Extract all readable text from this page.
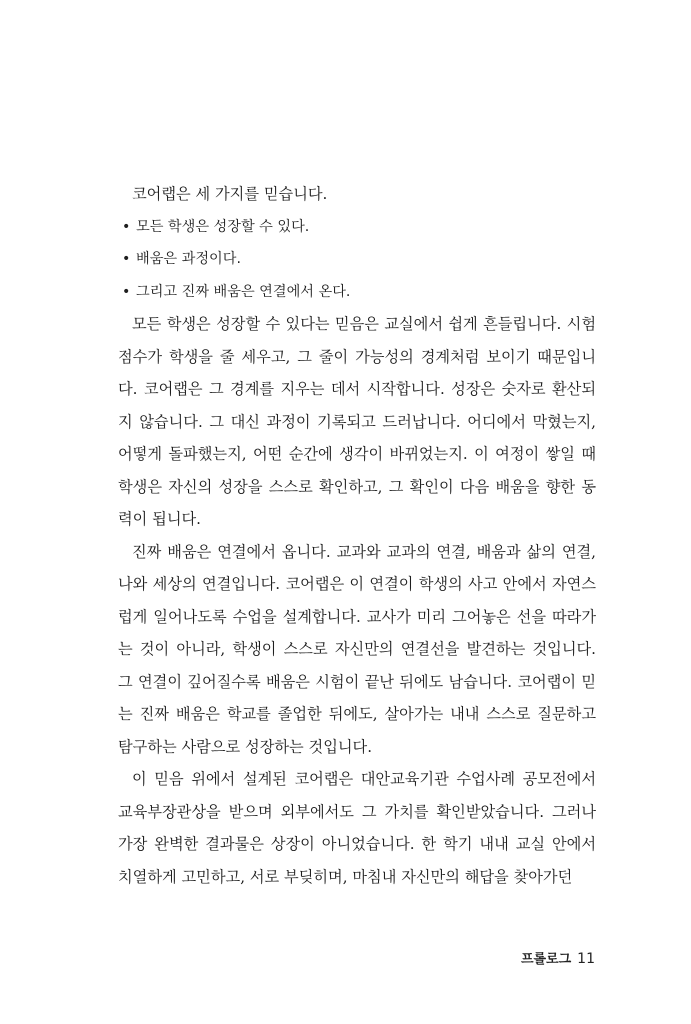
코어랩은 세 가지를 믿습니다.

• 모든 학생은 성장할 수 있다.
• 배움은 과정이다.
• 그리고 진짜 배움은 연결에서 온다.

모든 학생은 성장할 수 있다는 믿음은 교실에서 쉽게 흔들립니다. 시험 점수가 학생을 줄 세우고, 그 줄이 가능성의 경계처럼 보이기 때문입니다. 코어랩은 그 경계를 지우는 데서 시작합니다. 성장은 숫자로 환산되지 않습니다. 그 대신 과정이 기록되고 드러납니다. 어디에서 막혔는지, 어떻게 돌파했는지, 어떤 순간에 생각이 바뀌었는지. 이 여정이 쌓일 때 학생은 자신의 성장을 스스로 확인하고, 그 확인이 다음 배움을 향한 동력이 됩니다.

진짜 배움은 연결에서 옵니다. 교과와 교과의 연결, 배움과 삶의 연결, 나와 세상의 연결입니다. 코어랩은 이 연결이 학생의 사고 안에서 자연스럽게 일어나도록 수업을 설계합니다. 교사가 미리 그어놓은 선을 따라가는 것이 아니라, 학생이 스스로 자신만의 연결선을 발견하는 것입니다. 그 연결이 깊어질수록 배움은 시험이 끝난 뒤에도 남습니다. 코어랩이 믿는 진짜 배움은 학교를 졸업한 뒤에도, 살아가는 내내 스스로 질문하고 탐구하는 사람으로 성장하는 것입니다.

이 믿음 위에서 설계된 코어랩은 대안교육기관 수업사례 공모전에서 교육부장관상을 받으며 외부에서도 그 가치를 확인받았습니다. 그러나 가장 완벽한 결과물은 상장이 아니었습니다. 한 학기 내내 교실 안에서 치열하게 고민하고, 서로 부딪히며, 마침내 자신만의 해답을 찾아가던

프롤로그 11
